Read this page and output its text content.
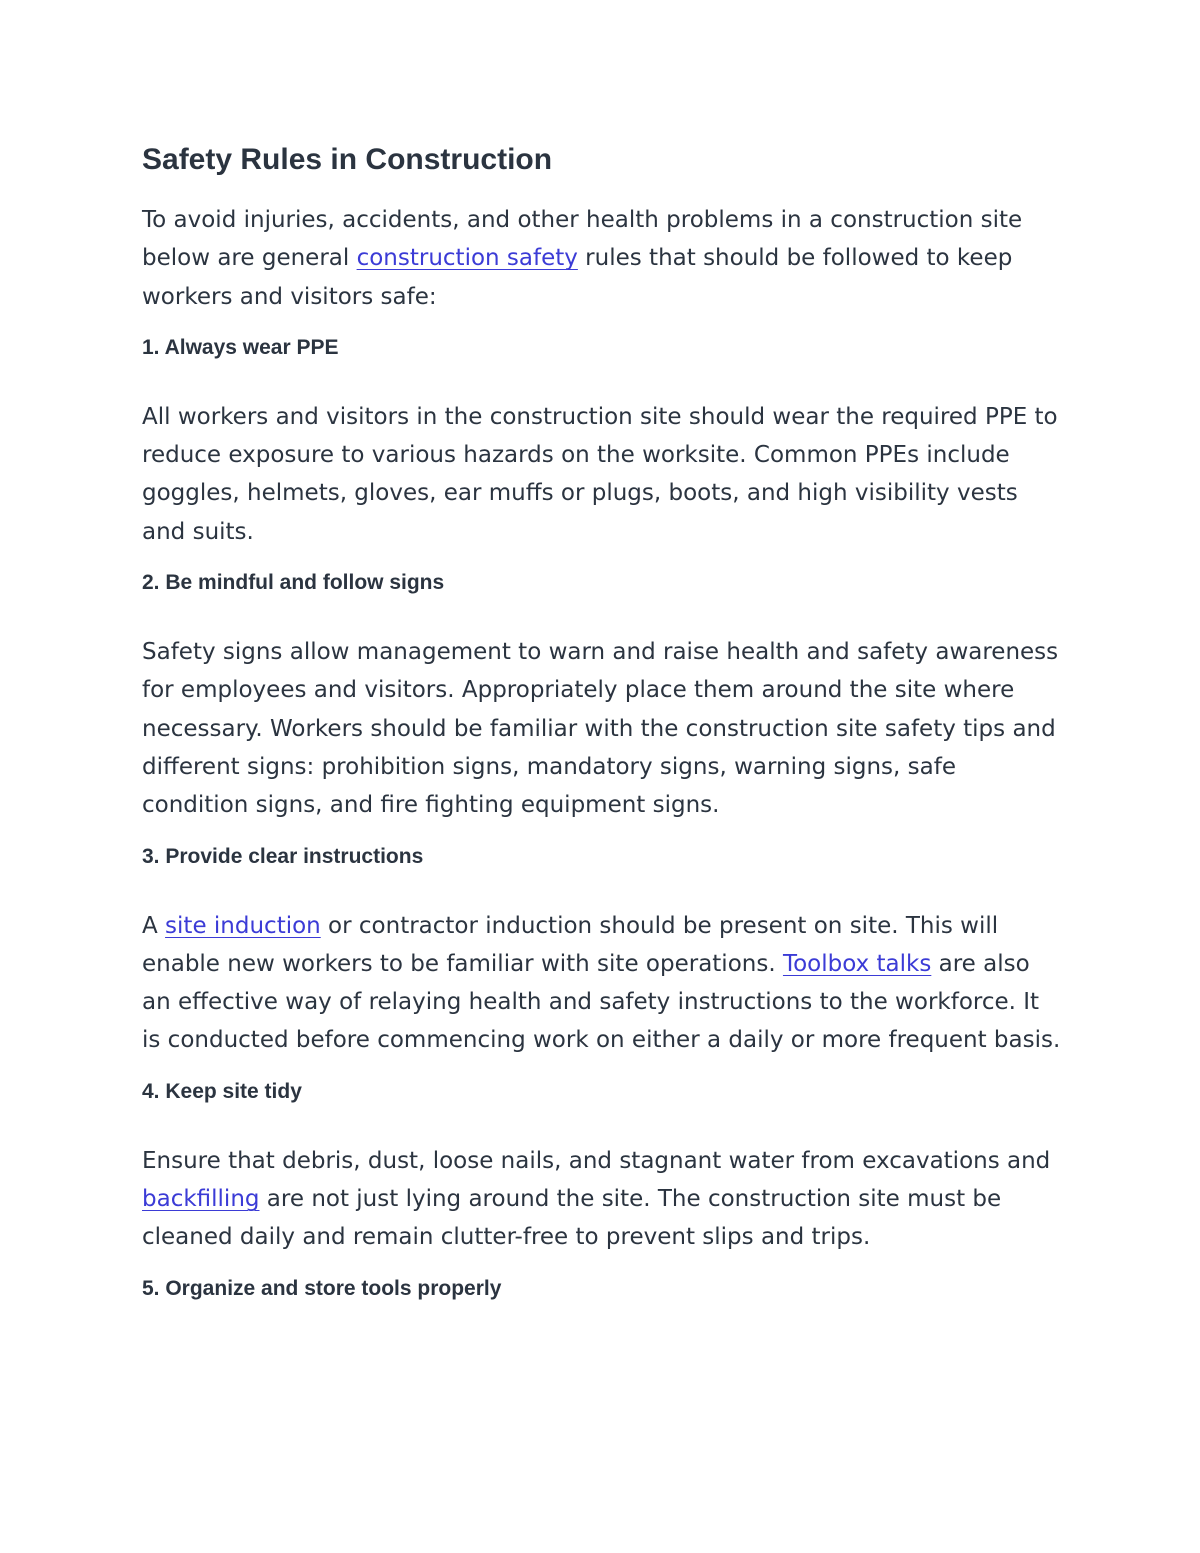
Safety Rules in Construction

To avoid injuries, accidents, and other health problems in a construction site below are general construction safety rules that should be followed to keep workers and visitors safe:

1. Always wear PPE

All workers and visitors in the construction site should wear the required PPE to reduce exposure to various hazards on the worksite. Common PPEs include goggles, helmets, gloves, ear muffs or plugs, boots, and high visibility vests and suits.

2. Be mindful and follow signs

Safety signs allow management to warn and raise health and safety awareness for employees and visitors. Appropriately place them around the site where necessary. Workers should be familiar with the construction site safety tips and different signs: prohibition signs, mandatory signs, warning signs, safe condition signs, and fire fighting equipment signs.

3. Provide clear instructions

A site induction or contractor induction should be present on site. This will enable new workers to be familiar with site operations. Toolbox talks are also an effective way of relaying health and safety instructions to the workforce. It is conducted before commencing work on either a daily or more frequent basis.

4. Keep site tidy

Ensure that debris, dust, loose nails, and stagnant water from excavations and backfilling are not just lying around the site. The construction site must be cleaned daily and remain clutter-free to prevent slips and trips.

5. Organize and store tools properly
